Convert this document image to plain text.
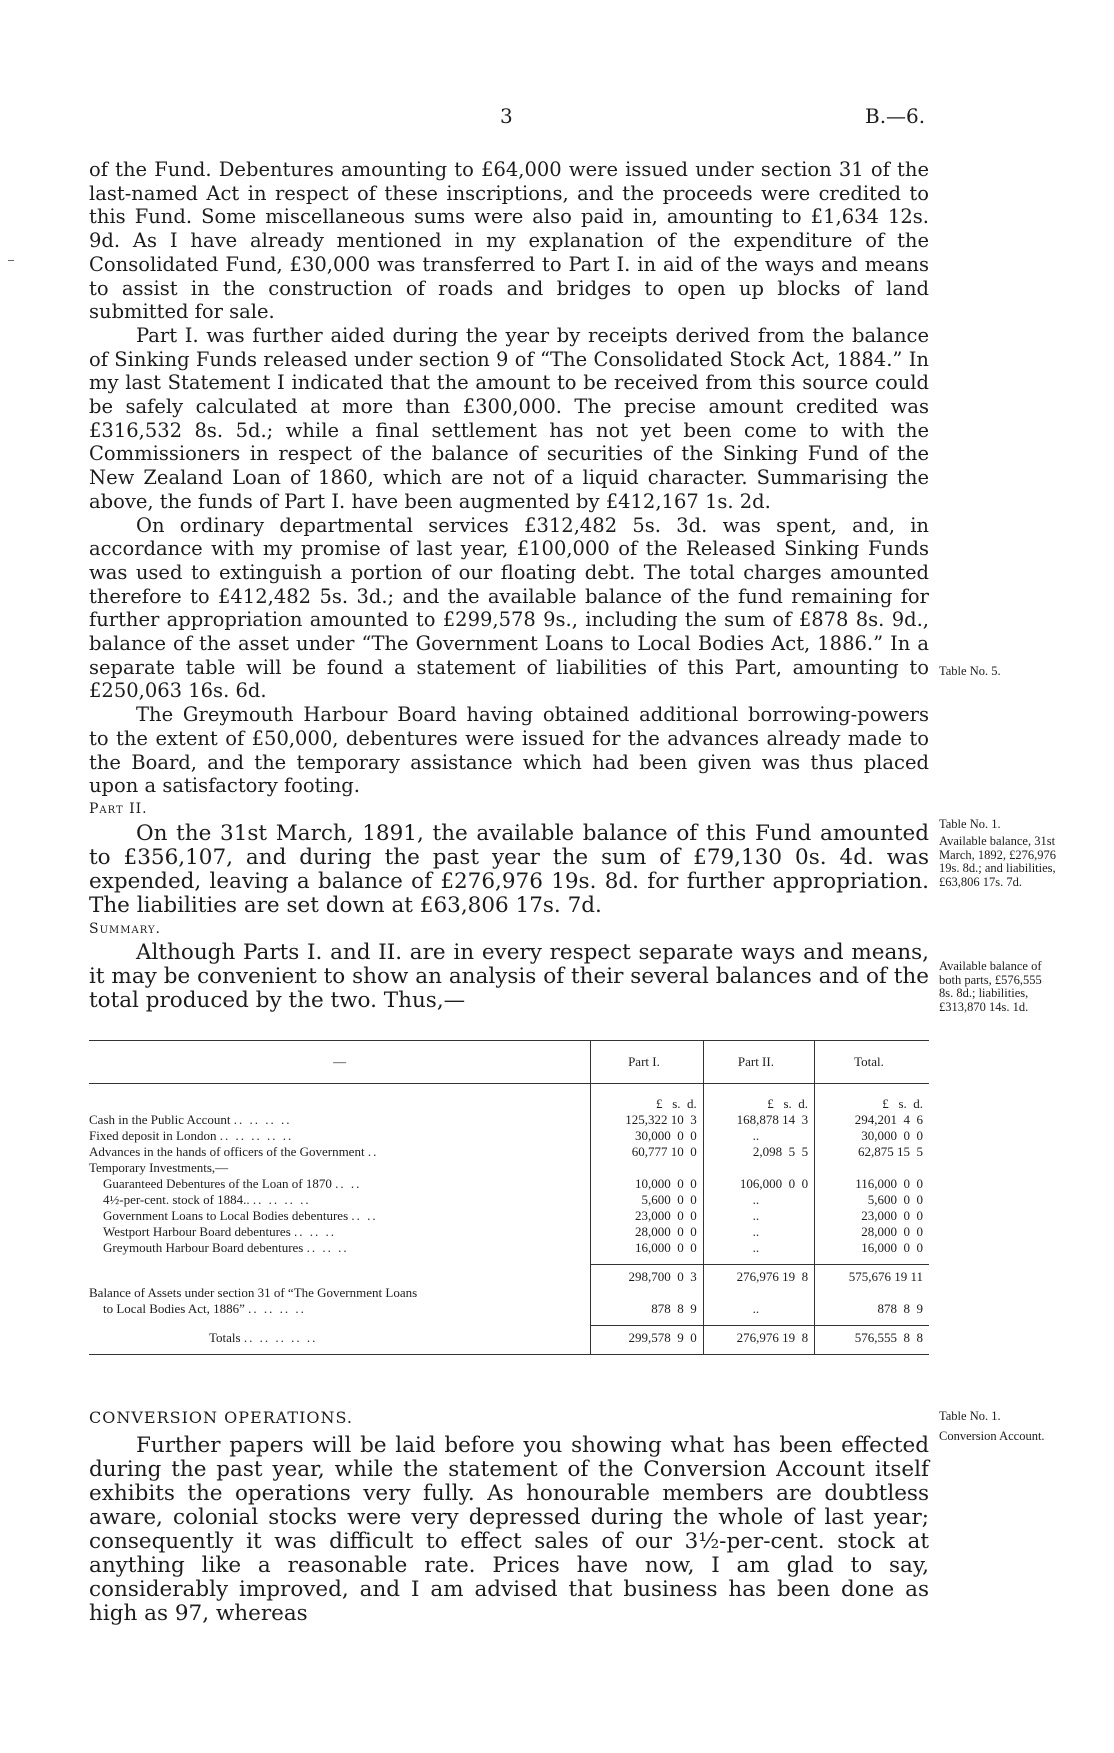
3	B.—6.

of the Fund. Debentures amounting to £64,000 were issued under section 31 of the last-named Act in respect of these inscriptions, and the proceeds were credited to this Fund. Some miscellaneous sums were also paid in, amounting to £1,634 12s. 9d. As I have already mentioned in my explanation of the expenditure of the Consolidated Fund, £30,000 was transferred to Part I. in aid of the ways and means to assist in the construction of roads and bridges to open up blocks of land submitted for sale.

Part I. was further aided during the year by receipts derived from the balance of Sinking Funds released under section 9 of “The Consolidated Stock Act, 1884.” In my last Statement I indicated that the amount to be received from this source could be safely calculated at more than £300,000. The precise amount credited was £316,532 8s. 5d.; while a final settlement has not yet been come to with the Commissioners in respect of the balance of securities of the Sinking Fund of the New Zealand Loan of 1860, which are not of a liquid character. Summarising the above, the funds of Part I. have been augmented by £412,167 1s. 2d.

On ordinary departmental services £312,482 5s. 3d. was spent, and, in accordance with my promise of last year, £100,000 of the Released Sinking Funds was used to extinguish a portion of our floating debt. The total charges amounted therefore to £412,482 5s. 3d.; and the available balance of the fund remaining for further appropriation amounted to £299,578 9s., including the sum of £878 8s. 9d., balance of the asset under “The Government Loans to Local Bodies Act, 1886.” In a separate table will be found a statement of liabilities of this Part, amounting to £250,063 16s. 6d.

The Greymouth Harbour Board having obtained additional borrowing-powers to the extent of £50,000, debentures were issued for the advances already made to the Board, and the temporary assistance which had been given was thus placed upon a satisfactory footing.

Part II.

On the 31st March, 1891, the available balance of this Fund amounted to £356,107, and during the past year the sum of £79,130 0s. 4d. was expended, leaving a balance of £276,976 19s. 8d. for further appropriation. The liabilities are set down at £63,806 17s. 7d.

Summary.

Although Parts I. and II. are in every respect separate ways and means, it may be convenient to show an analysis of their several balances and of the total produced by the two. Thus,—

—	Part I.	Part II.	Total.
	£   s.  d.	£   s.  d.	£   s.  d.
Cash in the Public Account .. .. .. ..	125,322 10  3	168,878 14  3	294,201  4  6
Fixed deposit in London .. .. .. .. ..	30,000  0  0	..	30,000  0  0
Advances in the hands of officers of the Government ..	60,777 10  0	2,098  5  5	62,875 15  5
Temporary Investments,—			
Guaranteed Debentures of the Loan of 1870 .. ..	10,000  0  0	106,000  0  0	116,000  0  0
4½-per-cent. stock of 1884.. .. .. .. ..	5,600  0  0	..	5,600  0  0
Government Loans to Local Bodies debentures .. ..	23,000  0  0	..	23,000  0  0
Westport Harbour Board debentures .. .. ..	28,000  0  0	..	28,000  0  0
Greymouth Harbour Board debentures .. .. ..	16,000  0  0	..	16,000  0  0

	298,700  0  3	276,976 19  8	575,676 19 11
Balance of Assets under section 31 of “The Government Loans			
to Local Bodies Act, 1886” .. .. .. ..	878  8  9	..	878  8  9

Totals .. .. .. .. ..	299,578  9  0	276,976 19  8	576,555  8  8

CONVERSION OPERATIONS.

Further papers will be laid before you showing what has been effected during the past year, while the statement of the Conversion Account itself exhibits the operations very fully. As honourable members are doubtless aware, colonial stocks were very depressed during the whole of last year; consequently it was difficult to effect sales of our 3½-per-cent. stock at anything like a reasonable rate. Prices have now, I am glad to say, considerably improved, and I am advised that business has been done as high as 97, whereas

Table No. 5.
Table No. 1.
Available balance, 31st March, 1892, £276,976 19s. 8d.; and liabilities, £63,806 17s. 7d.
Available balance of both parts, £576,555 8s. 8d.; liabilities, £313,870 14s. 1d.
Table No. 1.
Conversion Account.
